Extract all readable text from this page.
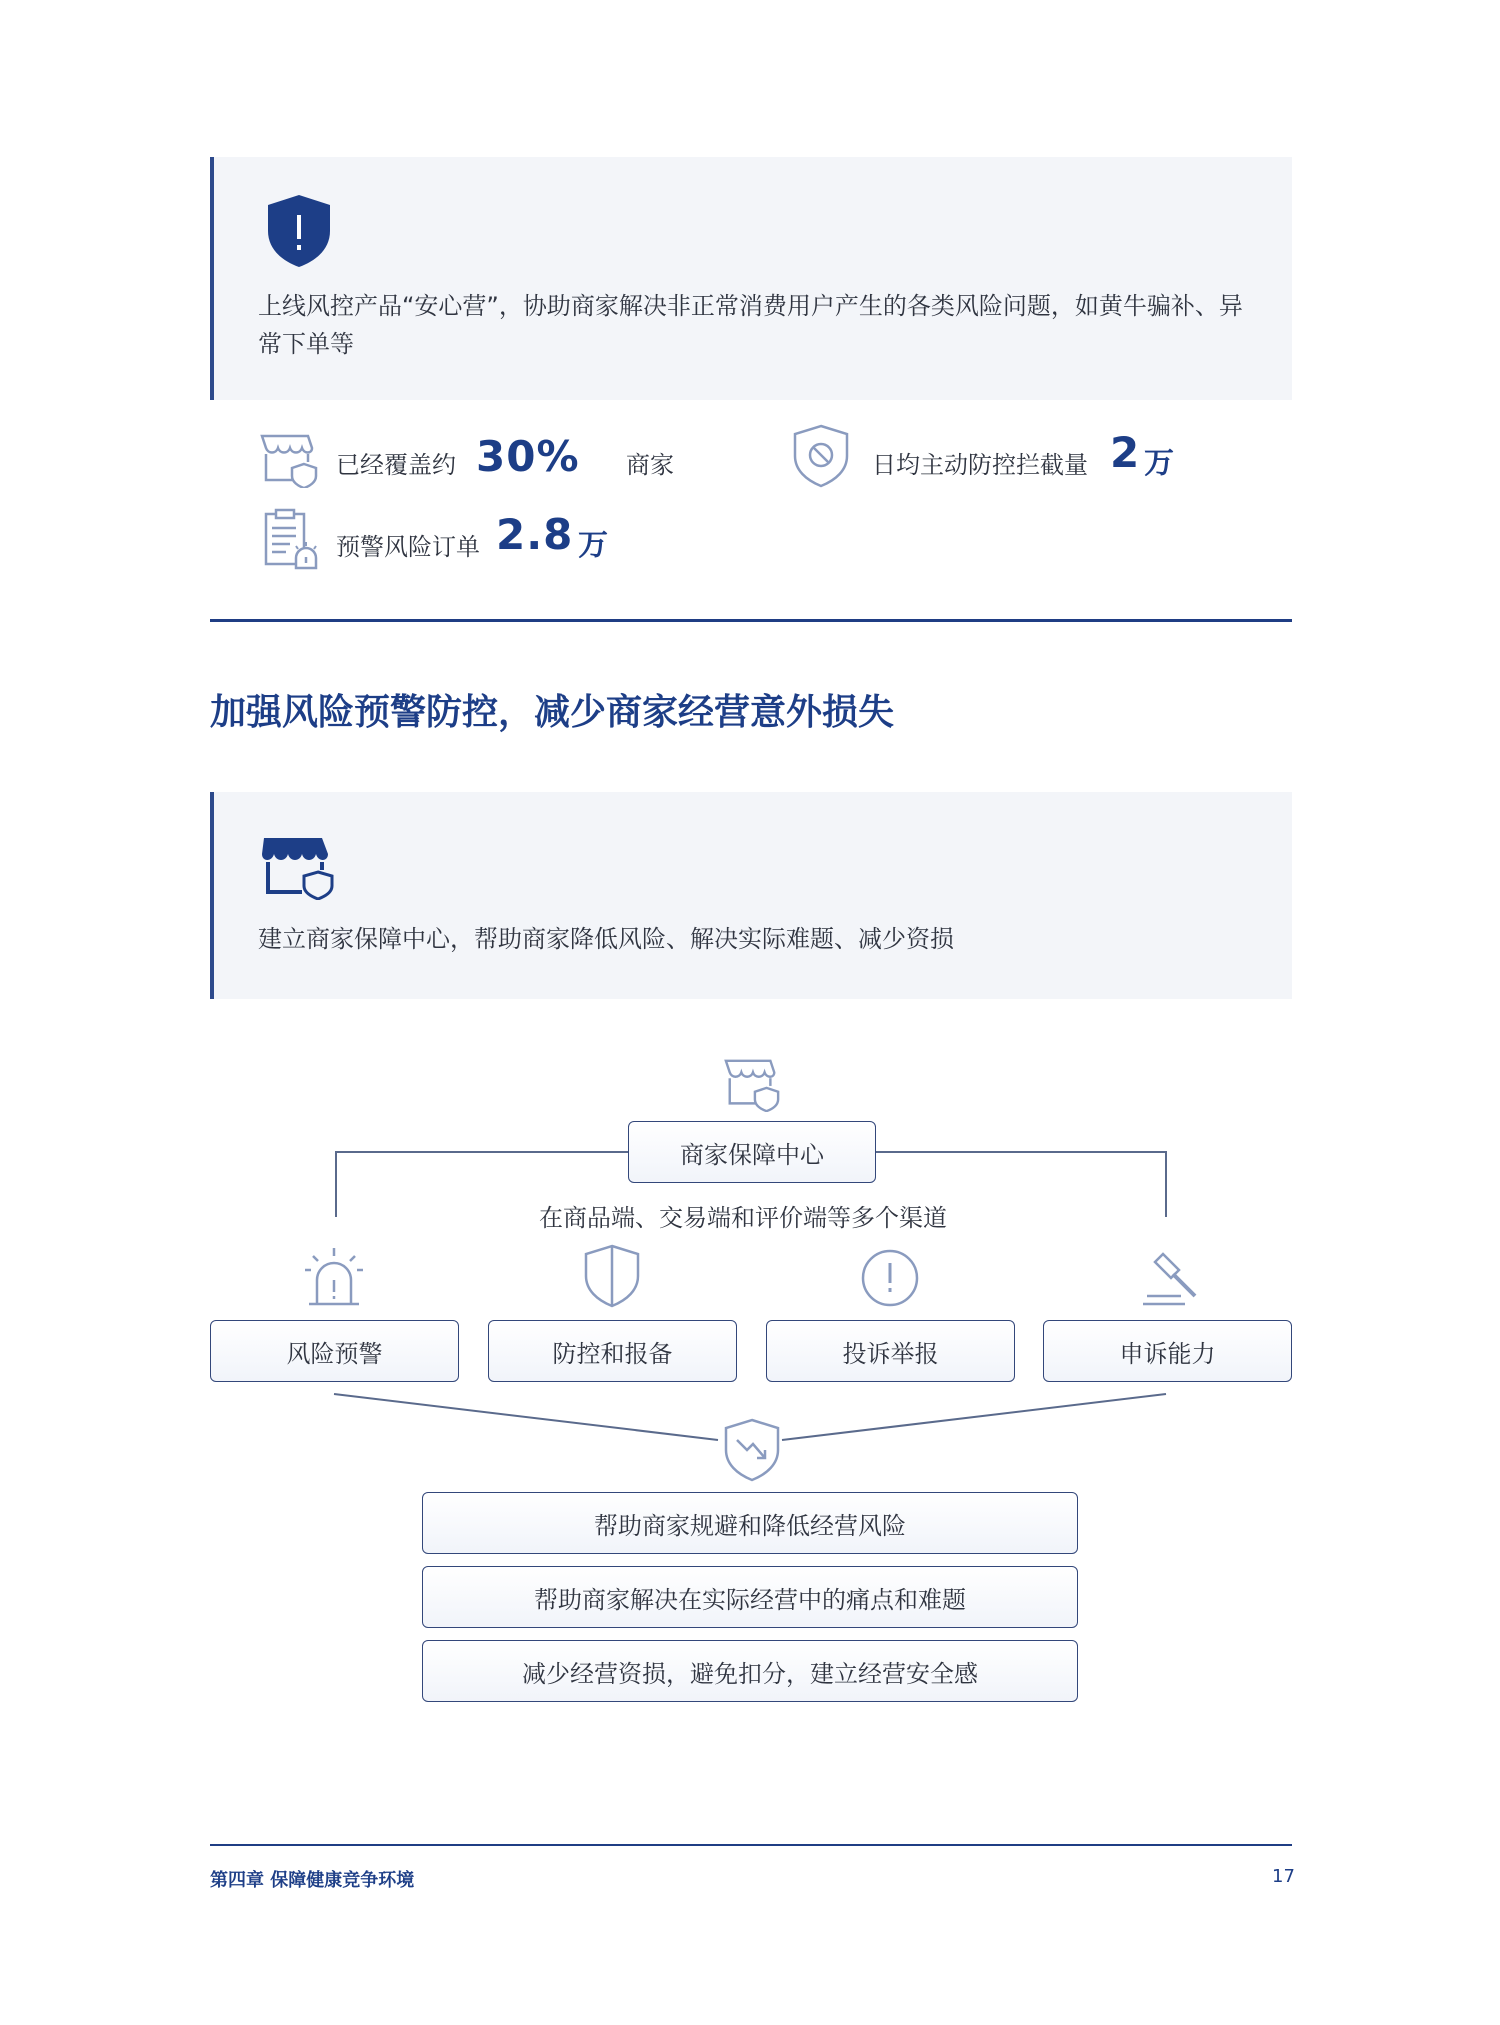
上线风控产品“安心营”，协助商家解决非正常消费用户产生的各类风险问题，如黄牛骗补、异常下单等
已经覆盖约 30% 商家	日均主动防控拦截量 2 万
预警风险订单 2.8 万
加强风险预警防控，减少商家经营意外损失
建立商家保障中心，帮助商家降低风险、解决实际难题、减少资损
商家保障中心
在商品端、交易端和评价端等多个渠道
风险预警	防控和报备	投诉举报	申诉能力
帮助商家规避和降低经营风险
帮助商家解决在实际经营中的痛点和难题
减少经营资损，避免扣分，建立经营安全感
第四章 保障健康竞争环境	17
